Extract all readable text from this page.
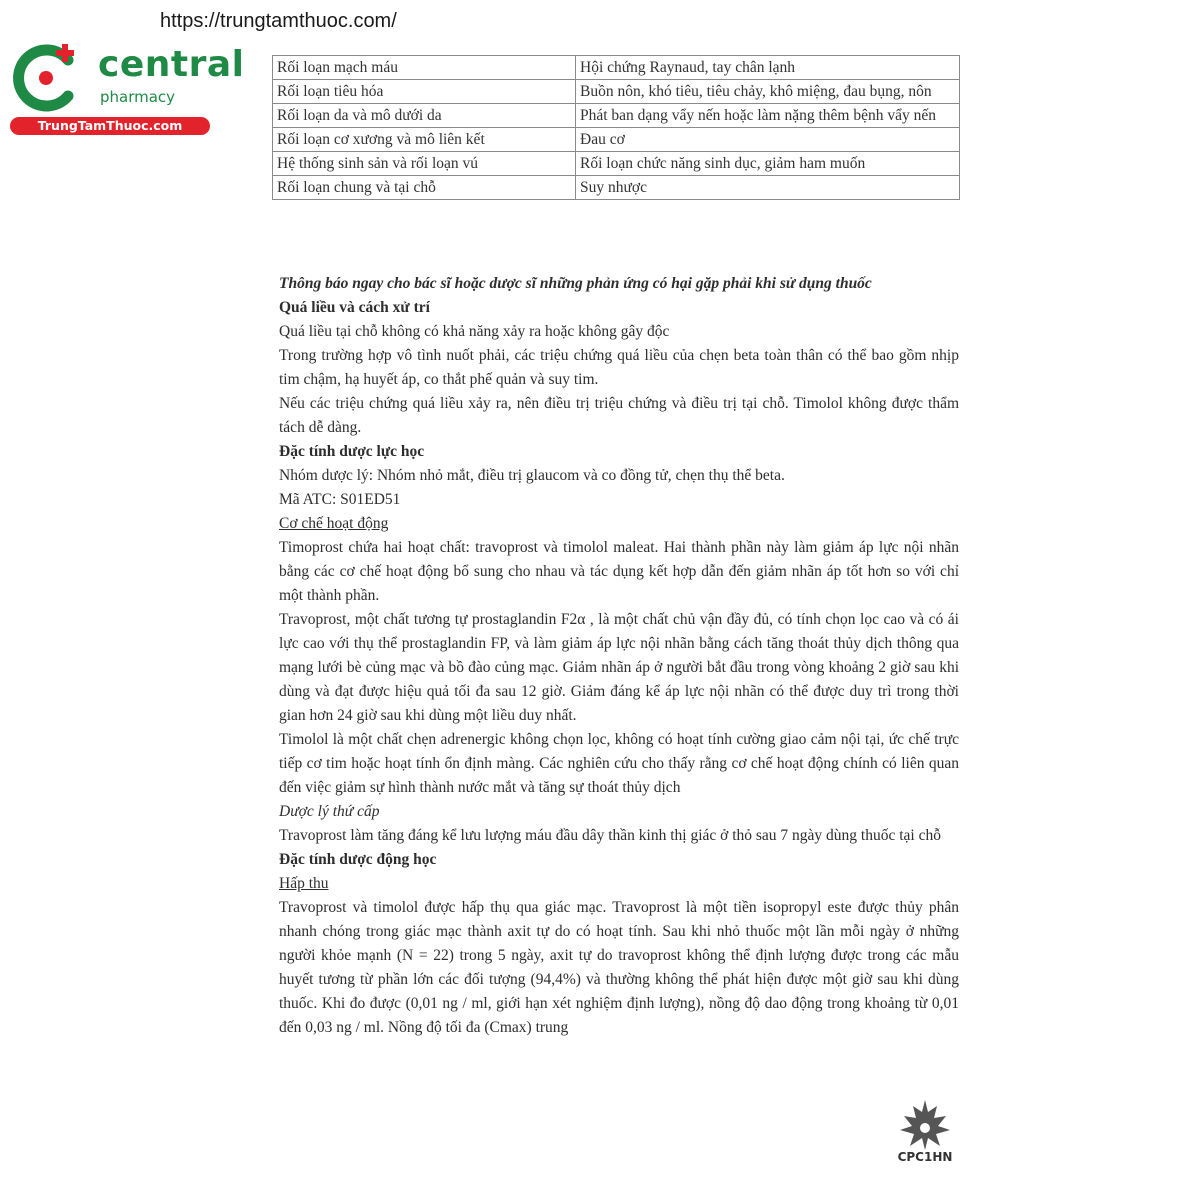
https://trungtamthuoc.com/
central
pharmacy
TrungTamThuoc.com
Rối loạn mạch máu	Hội chứng Raynaud, tay chân lạnh
Rối loạn tiêu hóa	Buồn nôn, khó tiêu, tiêu chảy, khô miệng, đau bụng, nôn
Rối loạn da và mô dưới da	Phát ban dạng vẩy nến hoặc làm nặng thêm bệnh vẩy nến
Rối loạn cơ xương và mô liên kết	Đau cơ
Hệ thống sinh sản và rối loạn vú	Rối loạn chức năng sinh dục, giảm ham muốn
Rối loạn chung và tại chỗ	Suy nhược

Thông báo ngay cho bác sĩ hoặc dược sĩ những phản ứng có hại gặp phải khi sử dụng thuốc

Quá liều và cách xử trí

Quá liều tại chỗ không có khả năng xảy ra hoặc không gây độc

Trong trường hợp vô tình nuốt phải, các triệu chứng quá liều của chẹn beta toàn thân có thể bao gồm nhịp tim chậm, hạ huyết áp, co thắt phế quản và suy tim.

Nếu các triệu chứng quá liều xảy ra, nên điều trị triệu chứng và điều trị tại chỗ. Timolol không được thẩm tách dễ dàng.

Đặc tính dược lực học

Nhóm dược lý: Nhóm nhỏ mắt, điều trị glaucom và co đồng tử, chẹn thụ thể beta.

Mã ATC: S01ED51

Cơ chế hoạt động

Timoprost chứa hai hoạt chất: travoprost và timolol maleat. Hai thành phần này làm giảm áp lực nội nhãn bằng các cơ chế hoạt động bổ sung cho nhau và tác dụng kết hợp dẫn đến giảm nhãn áp tốt hơn so với chỉ một thành phần.

Travoprost, một chất tương tự prostaglandin F2α , là một chất chủ vận đầy đủ, có tính chọn lọc cao và có ái lực cao với thụ thể prostaglandin FP, và làm giảm áp lực nội nhãn bằng cách tăng thoát thủy dịch thông qua mạng lưới bè củng mạc và bồ đào củng mạc. Giảm nhãn áp ở người bắt đầu trong vòng khoảng 2 giờ sau khi dùng và đạt được hiệu quả tối đa sau 12 giờ. Giảm đáng kể áp lực nội nhãn có thể được duy trì trong thời gian hơn 24 giờ sau khi dùng một liều duy nhất.

Timolol là một chất chẹn adrenergic không chọn lọc, không có hoạt tính cường giao cảm nội tại, ức chế trực tiếp cơ tim hoặc hoạt tính ổn định màng. Các nghiên cứu cho thấy rằng cơ chế hoạt động chính có liên quan đến việc giảm sự hình thành nước mắt và tăng sự thoát thủy dịch

Dược lý thứ cấp

Travoprost làm tăng đáng kể lưu lượng máu đầu dây thần kinh thị giác ở thỏ sau 7 ngày dùng thuốc tại chỗ

Đặc tính dược động học

Hấp thu

Travoprost và timolol được hấp thụ qua giác mạc. Travoprost là một tiền isopropyl este được thủy phân nhanh chóng trong giác mạc thành axit tự do có hoạt tính. Sau khi nhỏ thuốc một lần mỗi ngày ở những người khỏe mạnh (N = 22) trong 5 ngày, axit tự do travoprost không thể định lượng được trong các mẫu huyết tương từ phần lớn các đối tượng (94,4%) và thường không thể phát hiện được một giờ sau khi dùng thuốc. Khi đo được (0,01 ng / ml, giới hạn xét nghiệm định lượng), nồng độ dao động trong khoảng từ 0,01 đến 0,03 ng / ml. Nồng độ tối đa (Cmax) trung

CPC1HN
